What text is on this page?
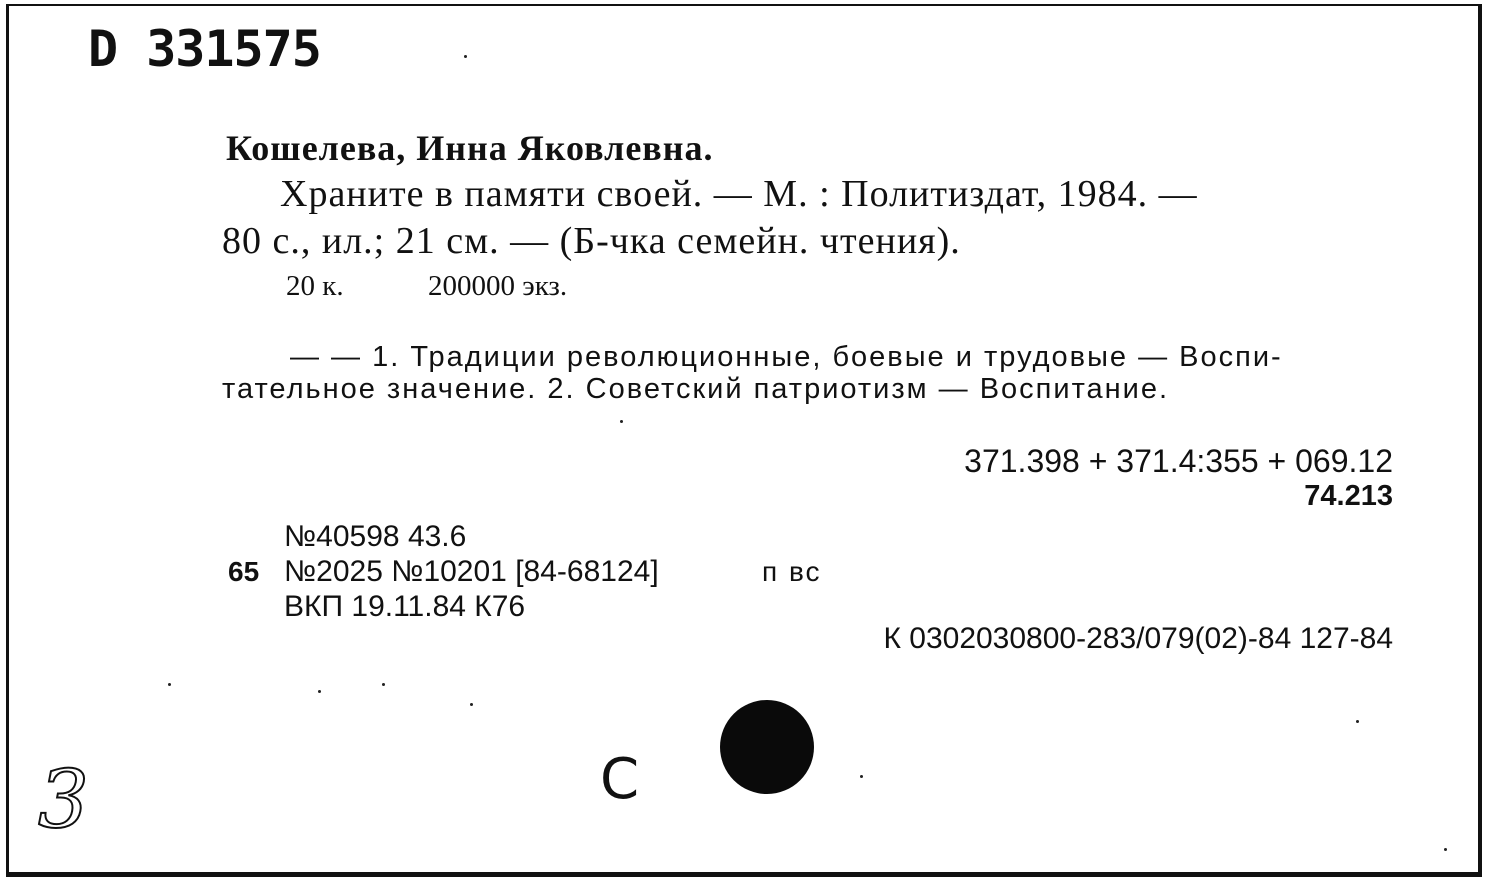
D 331575
Кошелева, Инна Яковлевна.
Храните в памяти своей. — М. : Политиздат, 1984. —
80 с., ил.; 21 см. — (Б-чка семейн. чтения).
20 к.	200000 экз.
— — 1. Традиции революционные, боевые и трудовые — Воспи-
тательное значение. 2. Советский патриотизм — Воспитание.
371.398 + 371.4:355 + 069.12
74.213
№40598 43.6
65 №2025 №10201 [84-68124]	п вс
ВКП 19.11.84 К76
К 0302030800-283/079(02)-84 127-84
3	С
